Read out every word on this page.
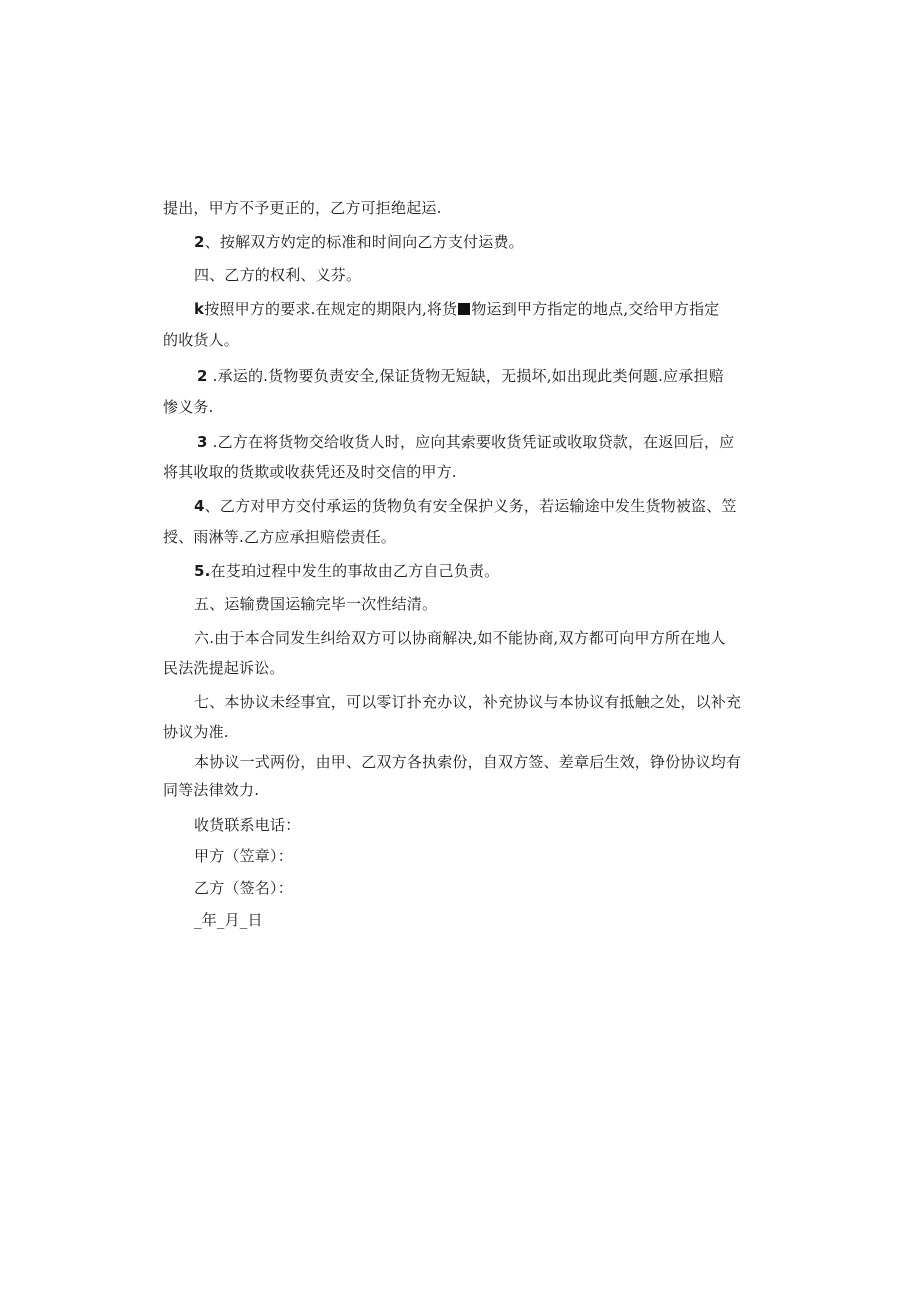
提出，甲方不予更正的，乙方可拒绝起运.
2、按解双方妁定的标准和时间向乙方支付运费。
四、乙方的权利、义芬。
k按照甲方的要求.在规定的期限内,将货 物运到甲方指定的地点,交给甲方指定
的收货人。
2 .承运的.货物要负责安全,保证货物无短缺，无损坏,如出现此类何题.应承担赔
惨义务.
3 .乙方在将货物交给收货人时，应向其索要收货凭证或收取贷款，在返回后，应
将其收取的货欺或收获凭还及时交信的甲方.
4、乙方对甲方交付承运的货物负有安全保护义务，若运输途中发生货物被盗、笠
授、雨淋等.乙方应承担赔偿责任。
5.在芟珀过程中发生的事故由乙方自己负责。
五、运输费国运输完毕一次性结清。
六.由于本合同发生纠给双方可以协商解决,如不能协商,双方都可向甲方所在地人
民法洗提起诉讼。
七、本协议未经事宜，可以零订扑充办议，补充协议与本协议有抵触之处，以补充
协议为准.
本协议一式两份，由甲、乙双方各执索份，自双方签、差章后生效，铮份协议均有
同等法律效力.
收货联系电话：
甲方（笠章）：
乙方（签名）：
_年_月_日
